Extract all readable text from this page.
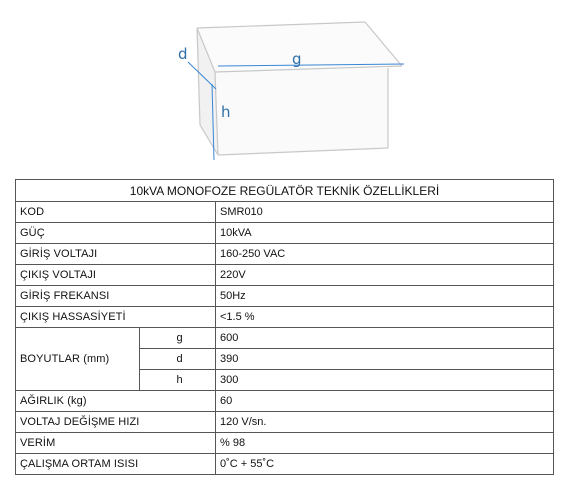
d	g
h
10kVA MONOFOZE REGÜLATÖR TEKNİK ÖZELLİKLERİ		
KOD		SMR010
GÜÇ		10kVA
GİRİŞ VOLTAJI		160-250 VAC
ÇIKIŞ VOLTAJI		220V
GİRİŞ FREKANSI		50Hz
ÇIKIŞ HASSASİYETİ		<1.5 %
BOYUTLAR (mm)	g	600
	d	390
	h	300
AĞIRLIK (kg)		60
VOLTAJ DEĞİŞME HIZI		120 V/sn.
VERİM		% 98
ÇALIŞMA ORTAM ISISI		0˚C + 55˚C
